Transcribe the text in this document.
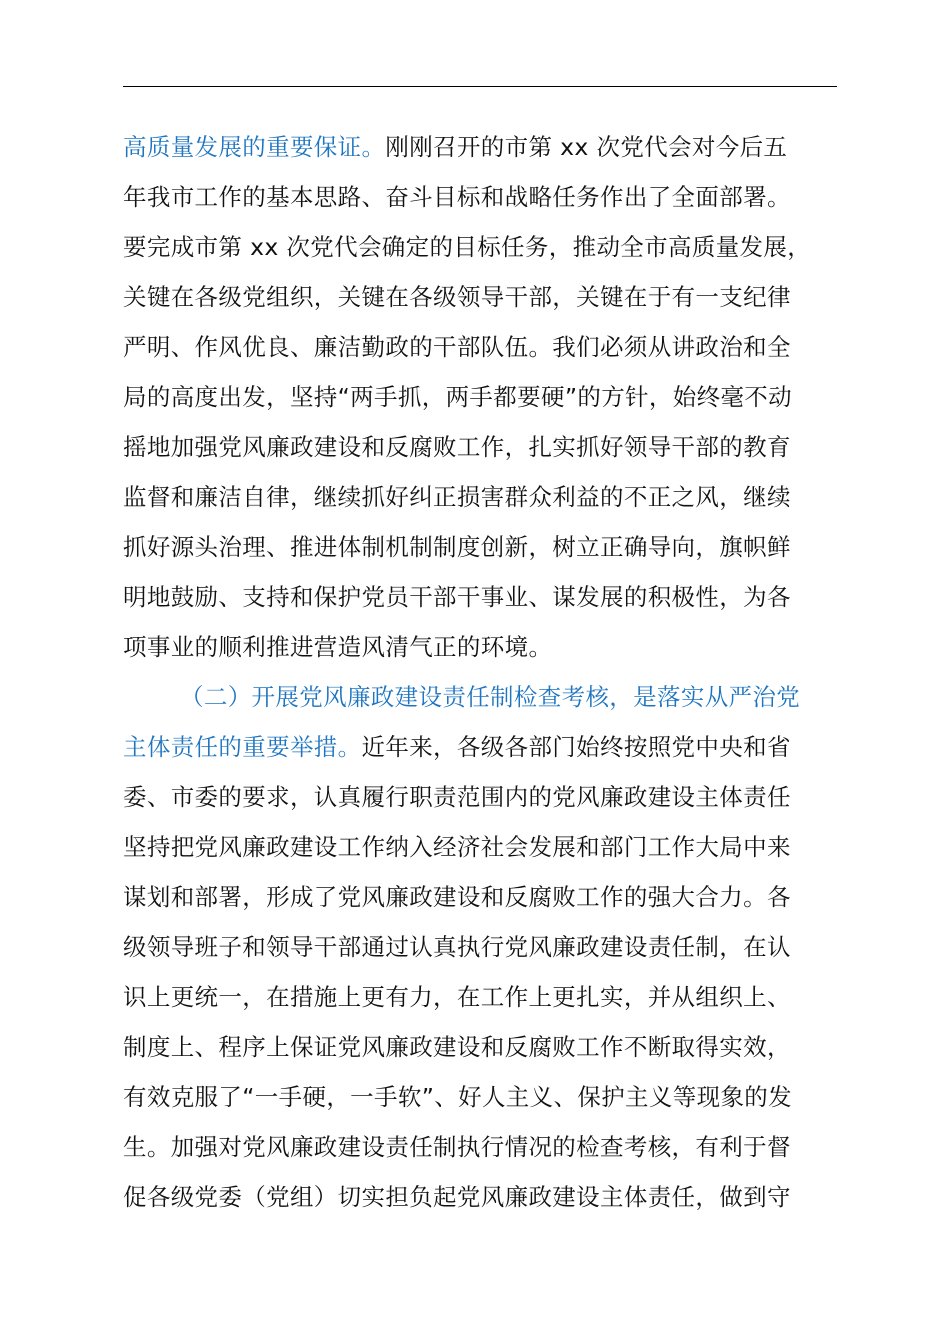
高质量发展的重要保证。刚刚召开的市第 xx 次党代会对今后五
年我市工作的基本思路、奋斗目标和战略任务作出了全面部署。
要完成市第 xx 次党代会确定的目标任务，推动全市高质量发展，
关键在各级党组织，关键在各级领导干部，关键在于有一支纪律
严明、作风优良、廉洁勤政的干部队伍。我们必须从讲政治和全
局的高度出发，坚持“两手抓，两手都要硬”的方针，始终毫不动
摇地加强党风廉政建设和反腐败工作，扎实抓好领导干部的教育
监督和廉洁自律，继续抓好纠正损害群众利益的不正之风，继续
抓好源头治理、推进体制机制制度创新，树立正确导向，旗帜鲜
明地鼓励、支持和保护党员干部干事业、谋发展的积极性，为各
项事业的顺利推进营造风清气正的环境。
（二）开展党风廉政建设责任制检查考核，是落实从严治党
主体责任的重要举措。近年来，各级各部门始终按照党中央和省
委、市委的要求，认真履行职责范围内的党风廉政建设主体责任
坚持把党风廉政建设工作纳入经济社会发展和部门工作大局中来
谋划和部署，形成了党风廉政建设和反腐败工作的强大合力。各
级领导班子和领导干部通过认真执行党风廉政建设责任制，在认
识上更统一，在措施上更有力，在工作上更扎实，并从组织上、
制度上、程序上保证党风廉政建设和反腐败工作不断取得实效，
有效克服了“一手硬，一手软”、好人主义、保护主义等现象的发
生。加强对党风廉政建设责任制执行情况的检查考核，有利于督
促各级党委（党组）切实担负起党风廉政建设主体责任，做到守
